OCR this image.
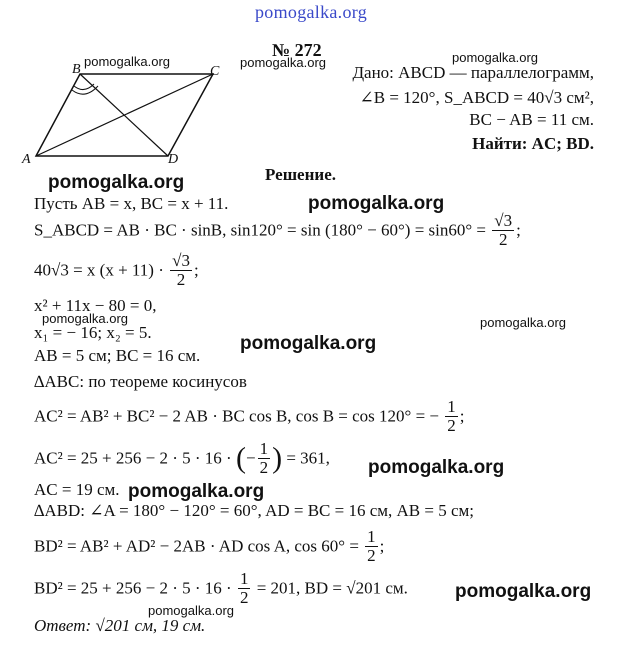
pomogalka.org
№ 272
B	C
A	D
pomogalka.org	pomogalka.org	pomogalka.org
pomogalka.org
pomogalka.org
pomogalka.org	pomogalka.org
pomogalka.org
pomogalka.org
pomogalka.org
pomogalka.org
pomogalka.org
Дано: ABCD — параллелограмм,
∠B = 120°, S_ABCD = 40√3 см²,
BC − AB = 11 см.
Найти: AC; BD.
Решение.
Пусть AB = x, BC = x + 11.
S_ABCD = AB · BC · sinB, $\sin 120^\circ = \sin (180^\circ - 60^\circ) = \sin 60^\circ = \frac{√3}{2}$ ;
40√3 = x $(x + 11) \cdot \frac{√3}{2}$ ;
x² + 11x − 80 = 0,
x₁ = − 16; x₂ = 5.
AB = 5 см; BC = 16 см.
∆ABC: по теореме косинусов
AC² = AB² + BC² − 2 AB · BC cos B, cos B = cos 120° = − $\frac{1}{2}$ ;
AC² = 25 + 256 − 2 · 5 · 16 · (− $\frac{1}{2}$ ) = 361,
AC = 19 см.
∆ABD: ∠A = 180° − 120° = 60°, AD = BC = 16 см, AB = 5 см;
BD² = AB² + AD² − 2AB · AD cos A, $\cos 60^\circ = \frac{1}{2}$ ;
$BD^2 = 25 + 256 - 2 \cdot 5 \cdot 16 \cdot \frac{1}{2} = 201$, BD = √201 см.
Ответ: √201 см, 19 см.
